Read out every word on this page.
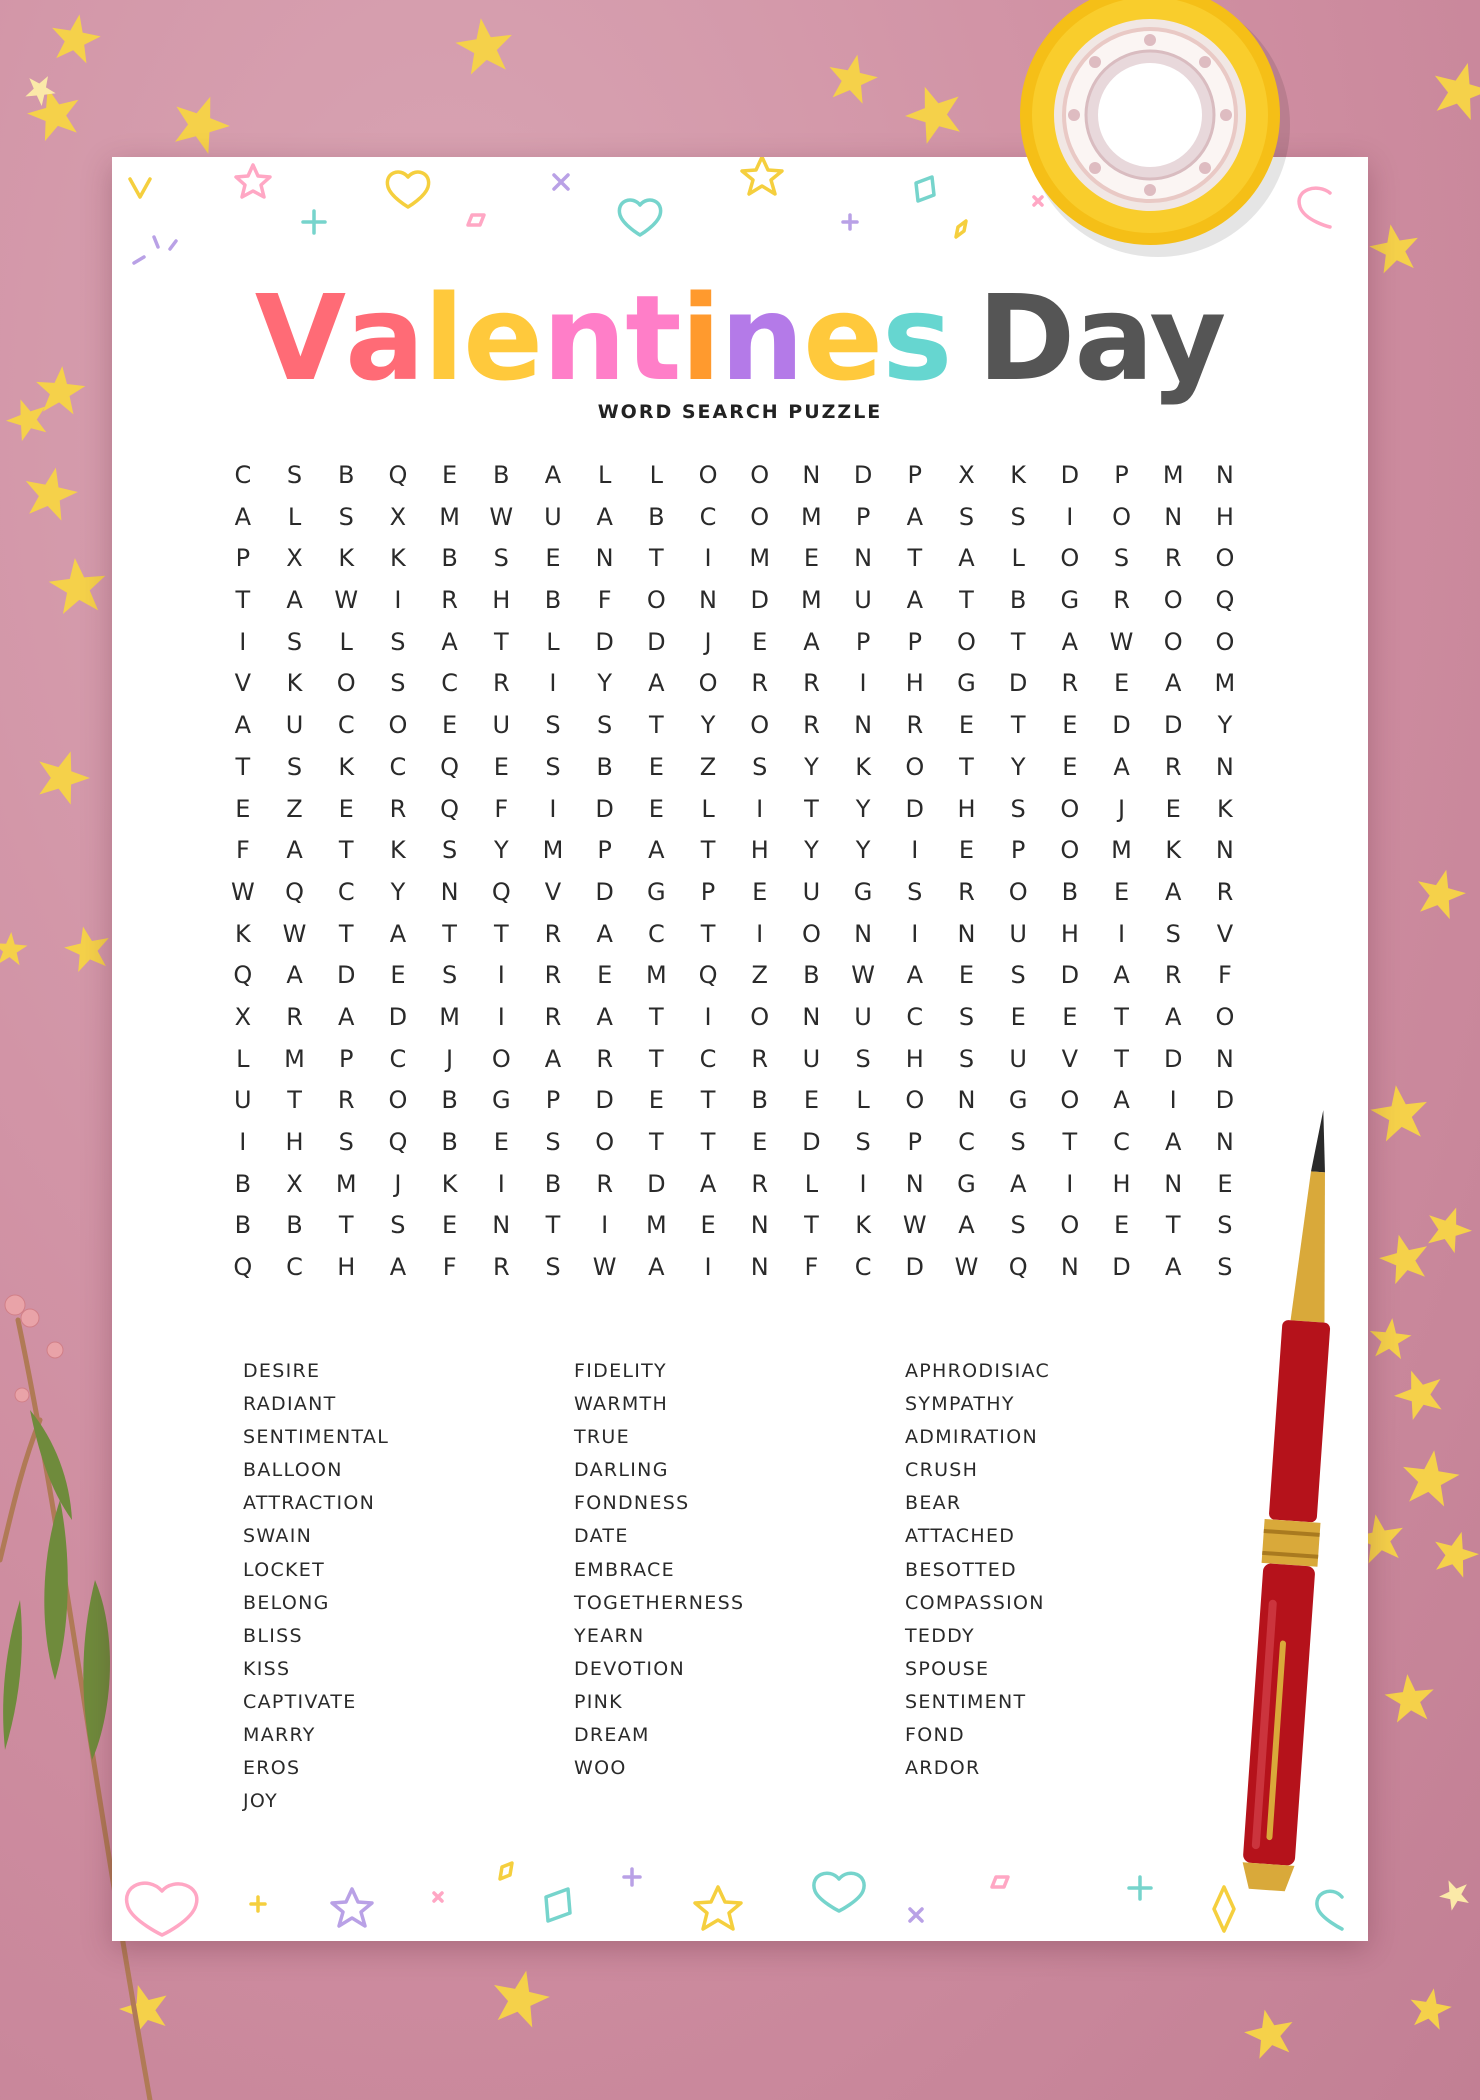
Valentines Day
WORD SEARCH PUZZLE
C	S	B	Q	E	B	A	L	L	O	O	N	D	P	X	K	D	P	M	N
A	L	S	X	M	W	U	A	B	C	O	M	P	A	S	S	I	O	N	H
P	X	K	K	B	S	E	N	T	I	M	E	N	T	A	L	O	S	R	O
T	A	W	I	R	H	B	F	O	N	D	M	U	A	T	B	G	R	O	Q
I	S	L	S	A	T	L	D	D	J	E	A	P	P	O	T	A	W	O	O
V	K	O	S	C	R	I	Y	A	O	R	R	I	H	G	D	R	E	A	M
A	U	C	O	E	U	S	S	T	Y	O	R	N	R	E	T	E	D	D	Y
T	S	K	C	Q	E	S	B	E	Z	S	Y	K	O	T	Y	E	A	R	N
E	Z	E	R	Q	F	I	D	E	L	I	T	Y	D	H	S	O	J	E	K
F	A	T	K	S	Y	M	P	A	T	H	Y	Y	I	E	P	O	M	K	N
W	Q	C	Y	N	Q	V	D	G	P	E	U	G	S	R	O	B	E	A	R
K	W	T	A	T	T	R	A	C	T	I	O	N	I	N	U	H	I	S	V
Q	A	D	E	S	I	R	E	M	Q	Z	B	W	A	E	S	D	A	R	F
X	R	A	D	M	I	R	A	T	I	O	N	U	C	S	E	E	T	A	O
L	M	P	C	J	O	A	R	T	C	R	U	S	H	S	U	V	T	D	N
U	T	R	O	B	G	P	D	E	T	B	E	L	O	N	G	O	A	I	D
I	H	S	Q	B	E	S	O	T	T	E	D	S	P	C	S	T	C	A	N
B	X	M	J	K	I	B	R	D	A	R	L	I	N	G	A	I	H	N	E
B	B	T	S	E	N	T	I	M	E	N	T	K	W	A	S	O	E	T	S
Q	C	H	A	F	R	S	W	A	I	N	F	C	D	W	Q	N	D	A	S
DESIRE
RADIANT
SENTIMENTAL
BALLOON
ATTRACTION
SWAIN
LOCKET
BELONG
BLISS
KISS
CAPTIVATE
MARRY
EROS
JOY
FIDELITY
WARMTH
TRUE
DARLING
FONDNESS
DATE
EMBRACE
TOGETHERNESS
YEARN
DEVOTION
PINK
DREAM
WOO
APHRODISIAC
SYMPATHY
ADMIRATION
CRUSH
BEAR
ATTACHED
BESOTTED
COMPASSION
TEDDY
SPOUSE
SENTIMENT
FOND
ARDOR
